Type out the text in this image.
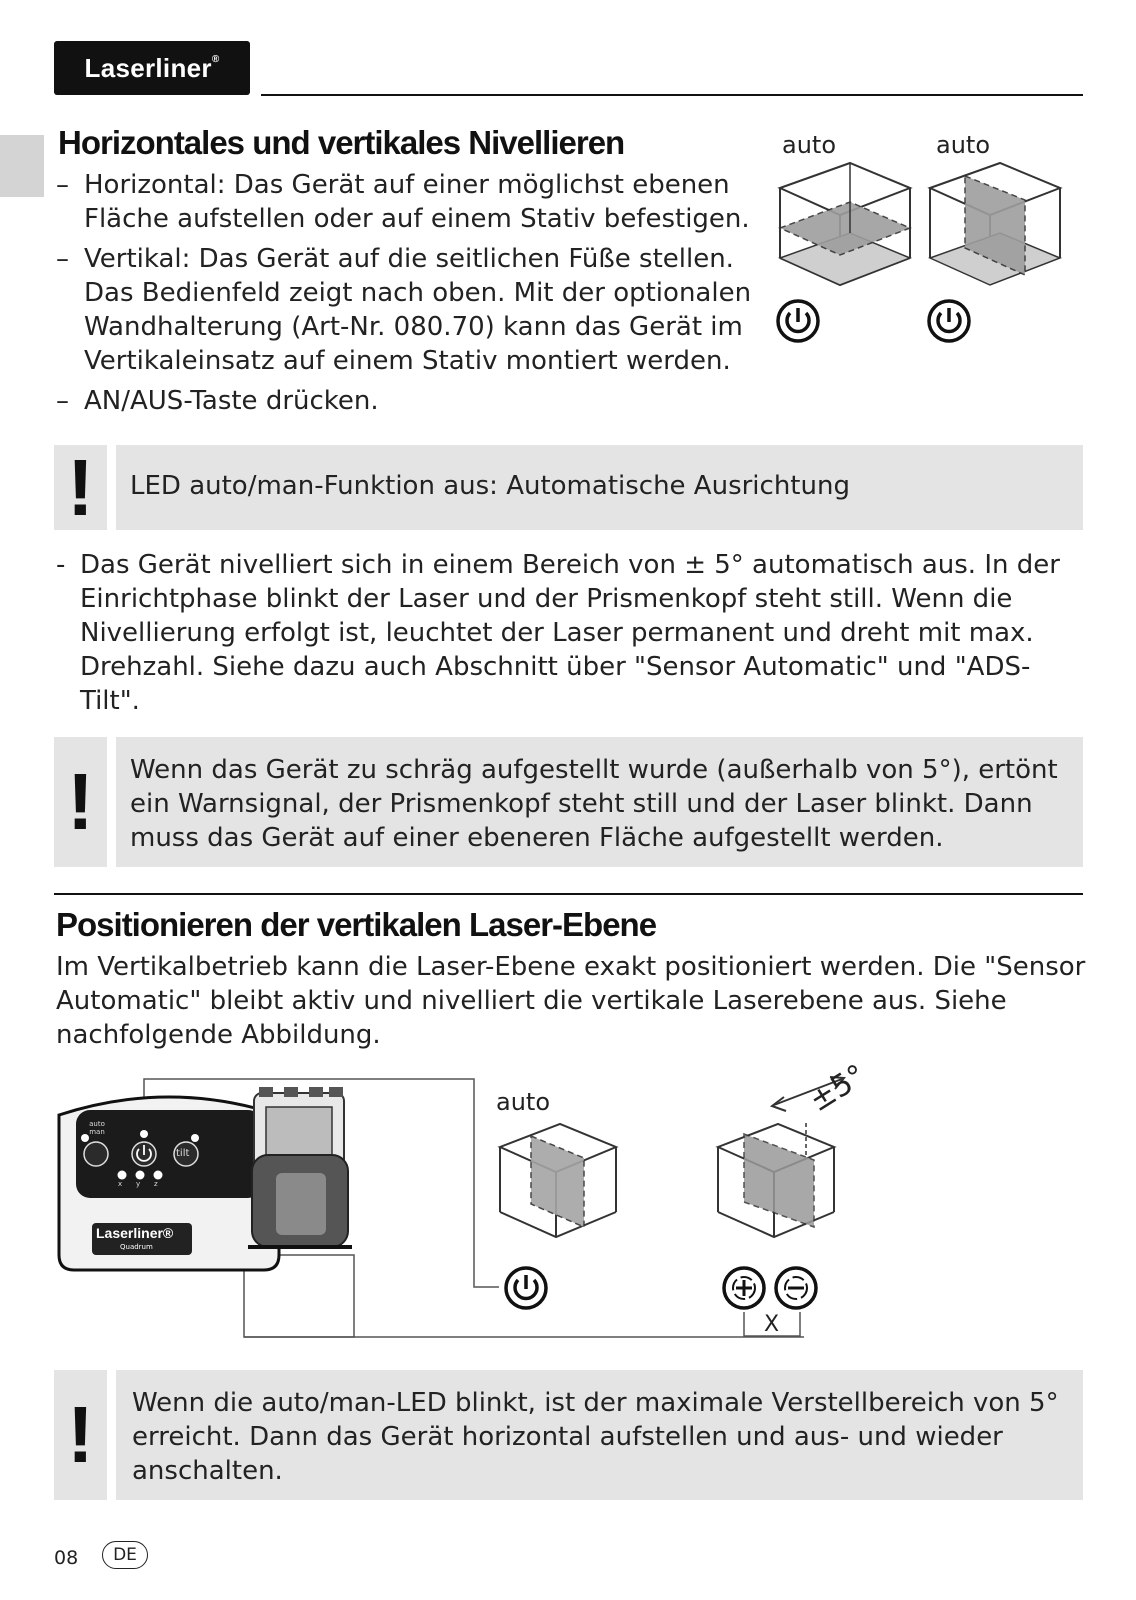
Laserliner®
Horizontales und vertikales Nivellieren
– Horizontal: Das Gerät auf einer möglichst ebenen Fläche aufstellen oder auf einem Stativ befestigen.
– Vertikal: Das Gerät auf die seitlichen Füße stellen. Das Bedienfeld zeigt nach oben. Mit der optionalen Wandhalterung (Art-Nr. 080.70) kann das Gerät im Vertikaleinsatz auf einem Stativ montiert werden.
– AN/AUS-Taste drücken.
auto	auto
!	LED auto/man-Funktion aus: Automatische Ausrichtung
- Das Gerät nivelliert sich in einem Bereich von ± 5° automatisch aus. In der Einrichtphase blinkt der Laser und der Prismenkopf steht still. Wenn die Nivellierung erfolgt ist, leuchtet der Laser permanent und dreht mit max. Drehzahl. Siehe dazu auch Abschnitt über "Sensor Automatic" und "ADS-Tilt".
!	Wenn das Gerät zu schräg aufgestellt wurde (außerhalb von 5°), ertönt ein Warnsignal, der Prismenkopf steht still und der Laser blinkt. Dann muss das Gerät auf einer ebeneren Fläche aufgestellt werden.
Positionieren der vertikalen Laser-Ebene
Im Vertikalbetrieb kann die Laser-Ebene exakt positioniert werden. Die "Sensor Automatic" bleibt aktiv und nivelliert die vertikale Laserebene aus. Siehe nachfolgende Abbildung.
auto
man
tilt
x y z
Laserliner®
Quadrum
auto	±5°
X
!	Wenn die auto/man-LED blinkt, ist der maximale Verstellbereich von 5° erreicht. Dann das Gerät horizontal aufstellen und aus- und wieder anschalten.
08	DE
